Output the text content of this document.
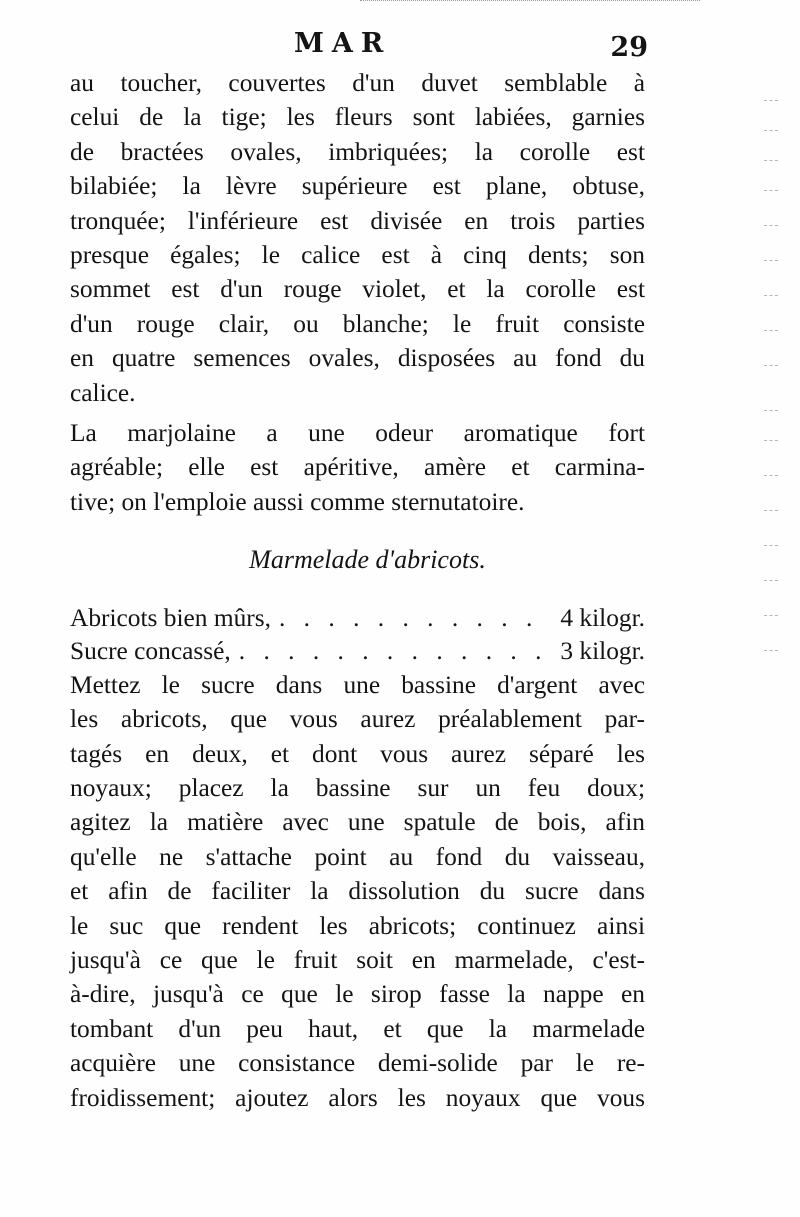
MAR	29
au toucher, couvertes d'un duvet semblable à
celui de la tige; les fleurs sont labiées, garnies
de bractées ovales, imbriquées; la corolle est
bilabiée; la lèvre supérieure est plane, obtuse,
tronquée; l'inférieure est divisée en trois parties
presque égales; le calice est à cinq dents; son
sommet est d'un rouge violet, et la corolle est
d'un rouge clair, ou blanche; le fruit consiste
en quatre semences ovales, disposées au fond du
calice.
La marjolaine a une odeur aromatique fort
agréable; elle est apéritive, amère et carmina-
tive; on l'emploie aussi comme sternutatoire.
Marmelade d'abricots.
Abricots bien mûrs, . . .	4 kilogr.
Sucre concassé, . . .	3 kilogr.
Mettez le sucre dans une bassine d'argent avec
les abricots, que vous aurez préalablement par-
tagés en deux, et dont vous aurez séparé les
noyaux; placez la bassine sur un feu doux;
agitez la matière avec une spatule de bois, afin
qu'elle ne s'attache point au fond du vaisseau,
et afin de faciliter la dissolution du sucre dans
le suc que rendent les abricots; continuez ainsi
jusqu'à ce que le fruit soit en marmelade, c'est-
à-dire, jusqu'à ce que le sirop fasse la nappe en
tombant d'un peu haut, et que la marmelade
acquière une consistance demi-solide par le re-
froidissement; ajoutez alors les noyaux que vous
